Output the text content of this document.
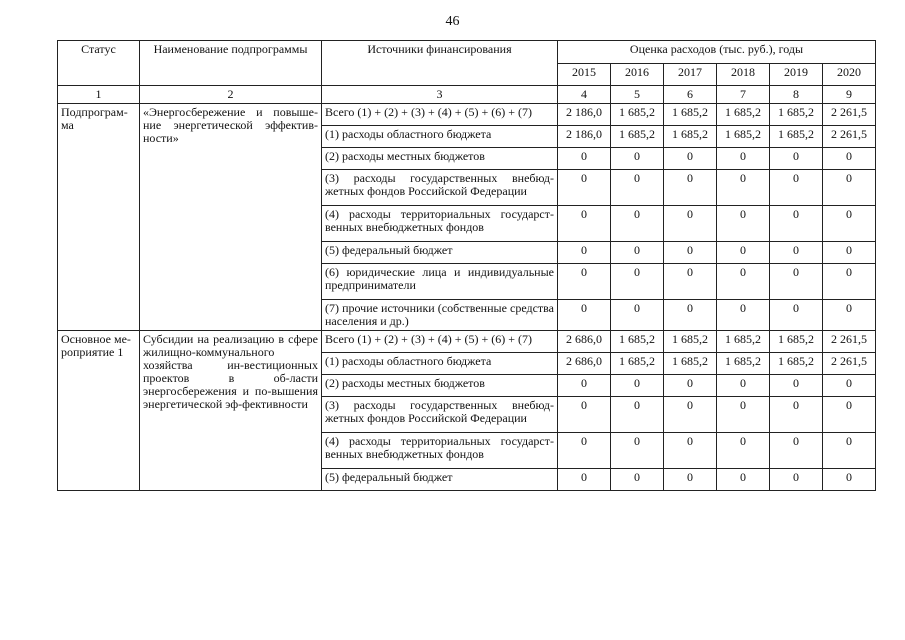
46
Статус	Наименование подпрограммы	Источники финансирования	Оценка расходов (тыс. руб.), годы					
			2015	2016	2017	2018	2019	2020
1	2	3	4	5	6	7	8	9
Подпрограм-ма	«Энергосбережение и повыше-ние энергетической эффектив-ности»	Всего (1) + (2) + (3) + (4) + (5) + (6) + (7)	2 186,0	1 685,2	1 685,2	1 685,2	1 685,2	2 261,5
		(1) расходы областного бюджета	2 186,0	1 685,2	1 685,2	1 685,2	1 685,2	2 261,5
		(2) расходы местных бюджетов	0	0	0	0	0	0
		(3) расходы государственных внебюд-жетных фондов Российской Федерации	0	0	0	0	0	0
		(4) расходы территориальных государст-венных внебюджетных фондов	0	0	0	0	0	0
		(5) федеральный бюджет	0	0	0	0	0	0
		(6) юридические лица и индивидуальные предприниматели	0	0	0	0	0	0
		(7) прочие источники (собственные средства населения и др.)	0	0	0	0	0	0
Основное ме-роприятие 1	Субсидии на реализацию в сфере жилищно-коммунального хозяйства ин-вестиционных проектов в об-ласти энергосбережения и по-вышения энергетической эф-фективности	Всего (1) + (2) + (3) + (4) + (5) + (6) + (7)	2 686,0	1 685,2	1 685,2	1 685,2	1 685,2	2 261,5
		(1) расходы областного бюджета	2 686,0	1 685,2	1 685,2	1 685,2	1 685,2	2 261,5
		(2) расходы местных бюджетов	0	0	0	0	0	0
		(3) расходы государственных внебюд-жетных фондов Российской Федерации	0	0	0	0	0	0
		(4) расходы территориальных государст-венных внебюджетных фондов	0	0	0	0	0	0
		(5) федеральный бюджет	0	0	0	0	0	0
